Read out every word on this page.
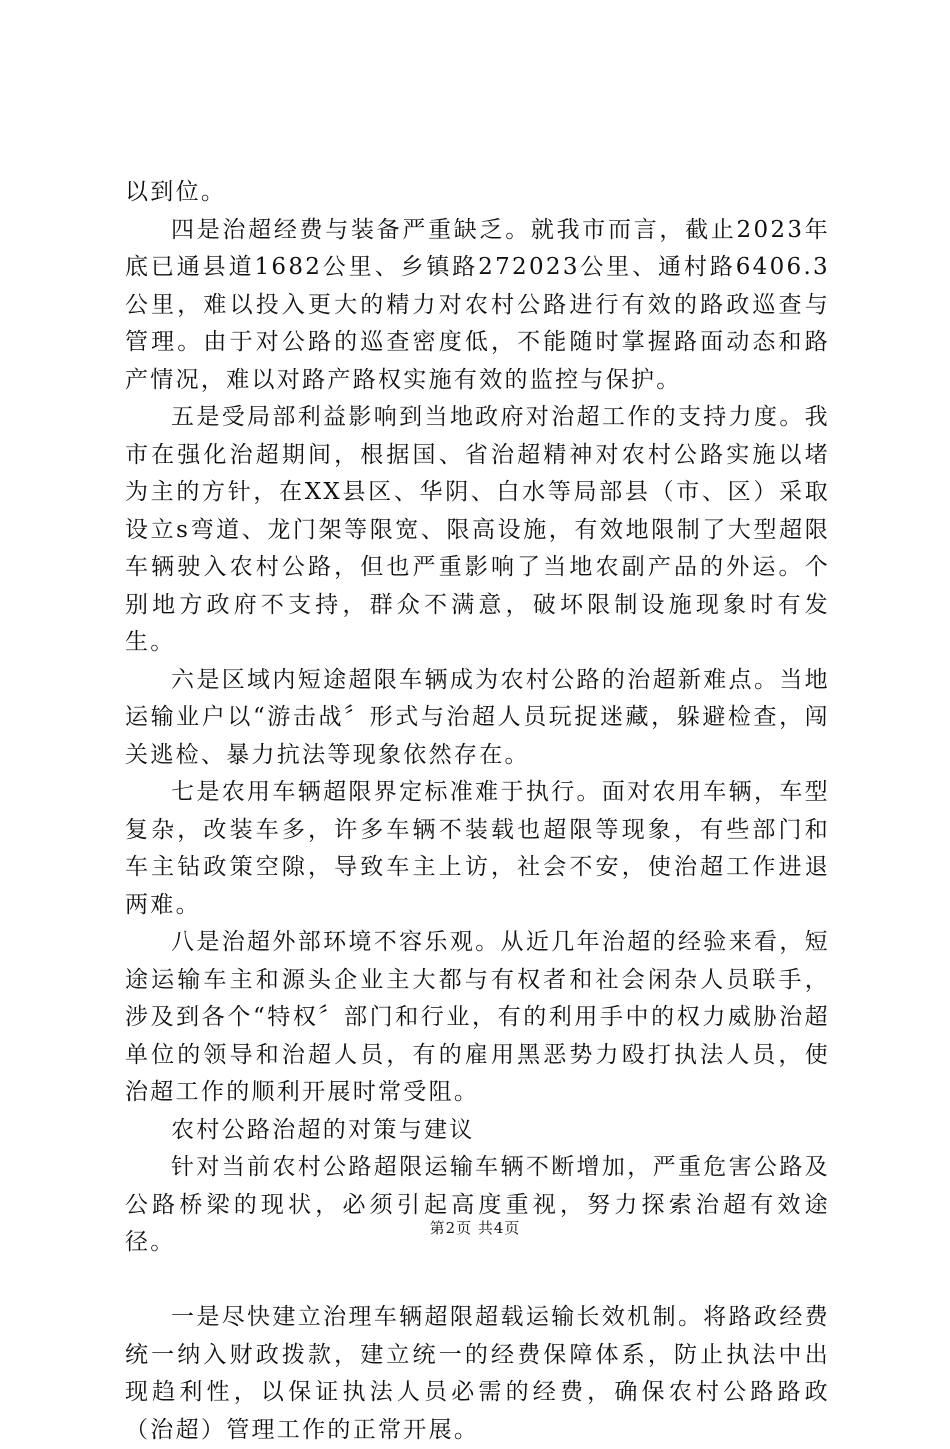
以到位。

四是治超经费与装备严重缺乏。就我市而言，截止2023年底已通县道1682公里、乡镇路272023公里、通村路6406.3公里，难以投入更大的精力对农村公路进行有效的路政巡查与管理。由于对公路的巡查密度低，不能随时掌握路面动态和路产情况，难以对路产路权实施有效的监控与保护。

五是受局部利益影响到当地政府对治超工作的支持力度。我市在强化治超期间，根据国、省治超精神对农村公路实施以堵为主的方针，在XX县区、华阴、白水等局部县（市、区）采取设立s弯道、龙门架等限宽、限高设施，有效地限制了大型超限车辆驶入农村公路，但也严重影响了当地农副产品的外运。个别地方政府不支持，群众不满意，破坏限制设施现象时有发生。

六是区域内短途超限车辆成为农村公路的治超新难点。当地运输业户以“游击战〞形式与治超人员玩捉迷藏，躲避检查，闯关逃检、暴力抗法等现象依然存在。

七是农用车辆超限界定标准难于执行。面对农用车辆，车型复杂，改装车多，许多车辆不装载也超限等现象，有些部门和车主钻政策空隙，导致车主上访，社会不安，使治超工作进退两难。

八是治超外部环境不容乐观。从近几年治超的经验来看，短途运输车主和源头企业主大都与有权者和社会闲杂人员联手，涉及到各个“特权〞部门和行业，有的利用手中的权力威胁治超单位的领导和治超人员，有的雇用黑恶势力殴打执法人员，使治超工作的顺利开展时常受阻。

农村公路治超的对策与建议

针对当前农村公路超限运输车辆不断增加，严重危害公路及公路桥梁的现状，必须引起高度重视，努力探索治超有效途径。

一是尽快建立治理车辆超限超载运输长效机制。将路政经费统一纳入财政拨款，建立统一的经费保障体系，防止执法中出现趋利性，以保证执法人员必需的经费，确保农村公路路政（治超）管理工作的正常开展。

第2页 共4页
